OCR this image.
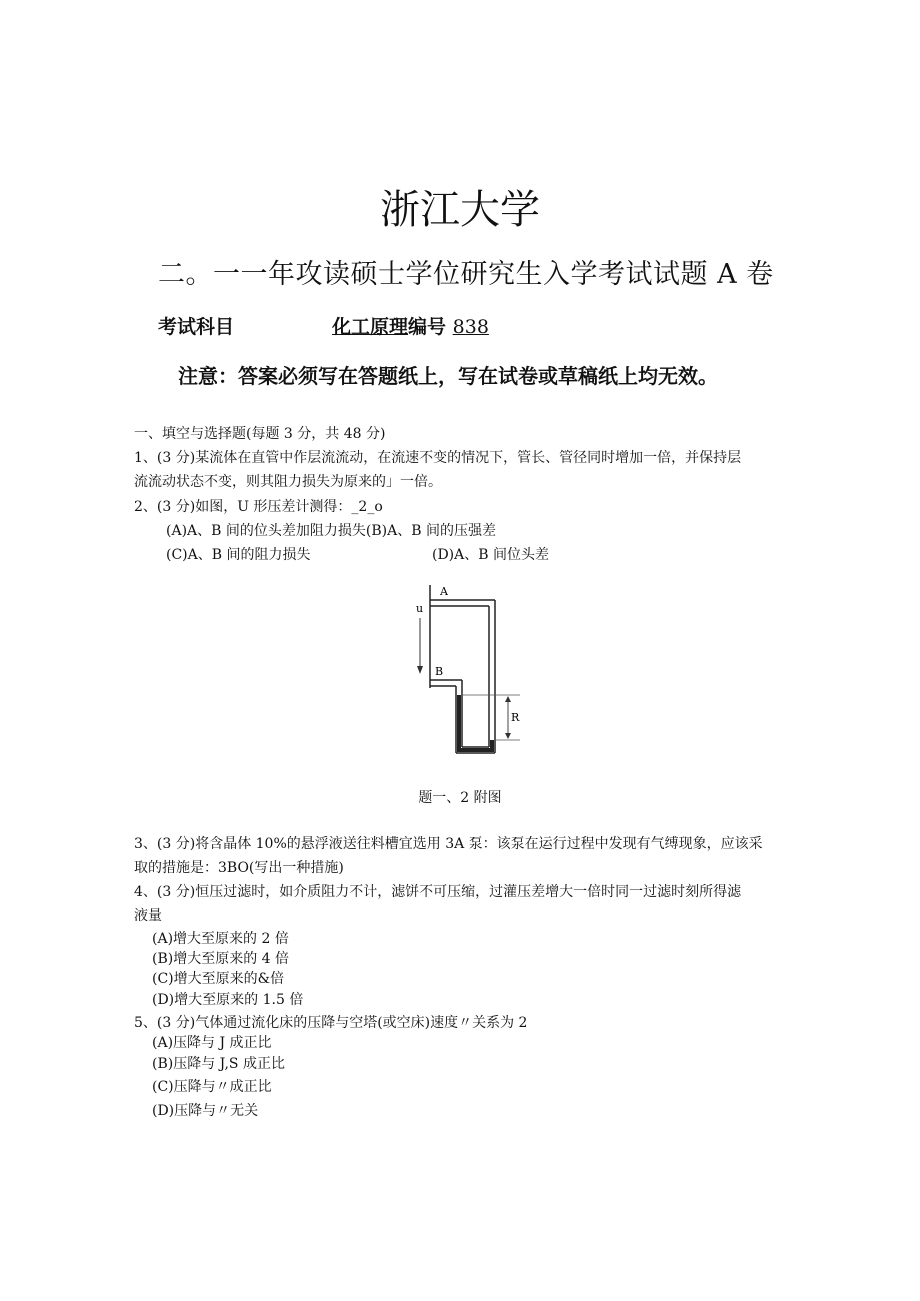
浙江大学
二。一一年攻读硕士学位研究生入学考试试题 A 卷
考试科目	化工原理编号 838
注意：答案必须写在答题纸上，写在试卷或草稿纸上均无效。
一、填空与选择题(每题 3 分，共 48 分)
1、(3 分)某流体在直管中作层流流动，在流速不变的情况下，管长、管径同时增加一倍，并保持层
流流动状态不变，则其阻力损失为原来的」一倍。
2、(3 分)如图，U 形压差计测得：_2_o
(A)A、B 间的位头差加阻力损失(B)A、B 间的压强差
(C)A、B 间的阻力损失	(D)A、B 间位头差
A
B
u
R
题一、2 附图
3、(3 分)将含晶体 10%的悬浮液送往料槽宜选用 3A 泵：该泵在运行过程中发现有气缚现象，应该采
取的措施是：3BO(写出一种措施)
4、(3 分)恒压过滤时，如介质阻力不计，滤饼不可压缩，过灌压差增大一倍时同一过滤时刻所得滤
液量
(A)增大至原来的 2 倍
(B)增大至原来的 4 倍
(C)增大至原来的&倍
(D)增大至原来的 1.5 倍
5、(3 分)气体通过流化床的压降与空塔(或空床)速度〃关系为 2
(A)压降与 J 成正比
(B)压降与 J,S 成正比
(C)压降与〃成正比
(D)压降与〃无关
